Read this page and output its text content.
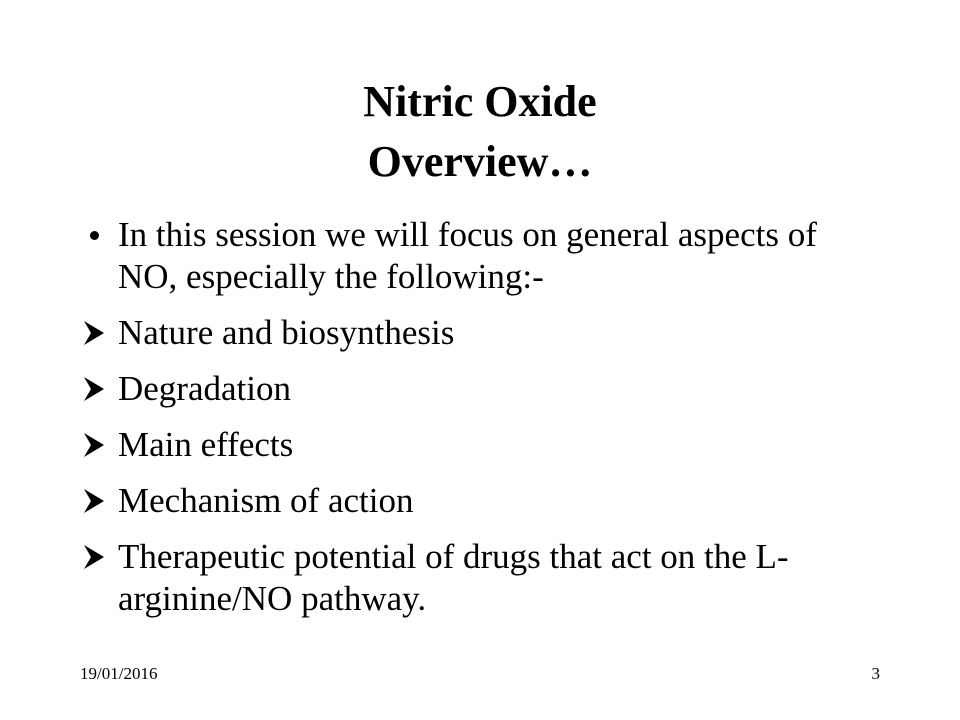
Nitric Oxide
Overview…
In this session we will focus on general aspects of NO, especially the following:-
Nature and biosynthesis
Degradation
Main effects
Mechanism of action
Therapeutic potential of drugs that act on the L-arginine/NO pathway.
19/01/2016	3
